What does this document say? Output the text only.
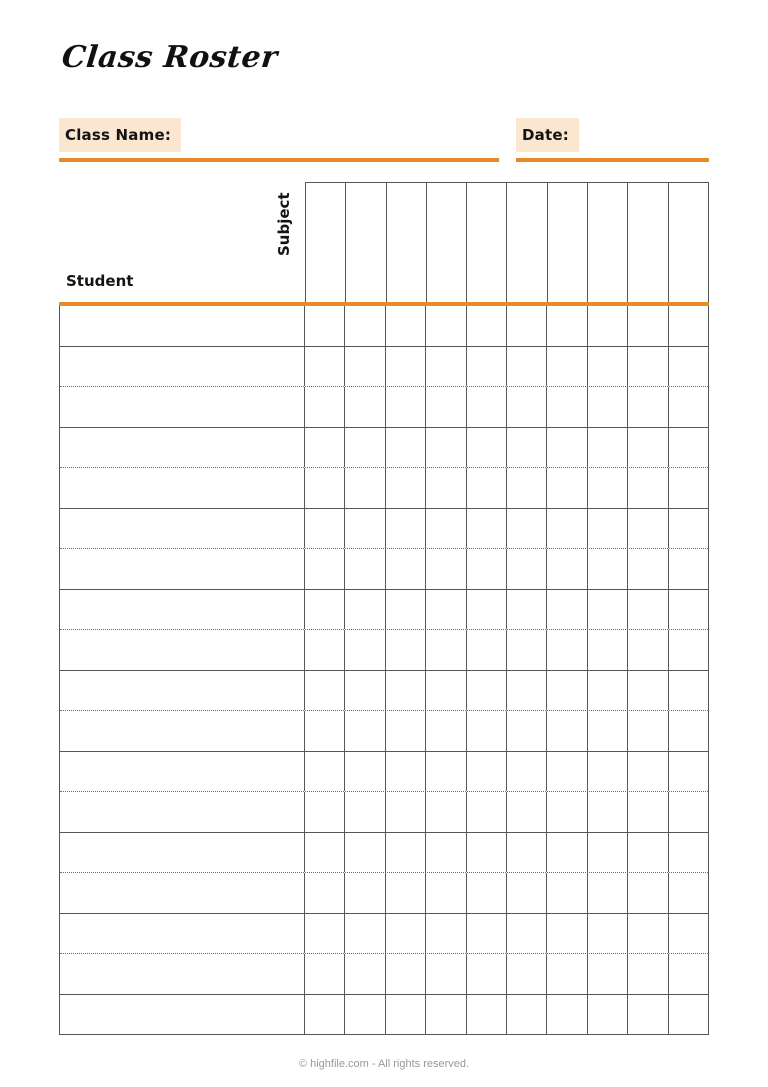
Class Roster
Class Name:	Date:
Student
Subject
© highfile.com - All rights reserved.
